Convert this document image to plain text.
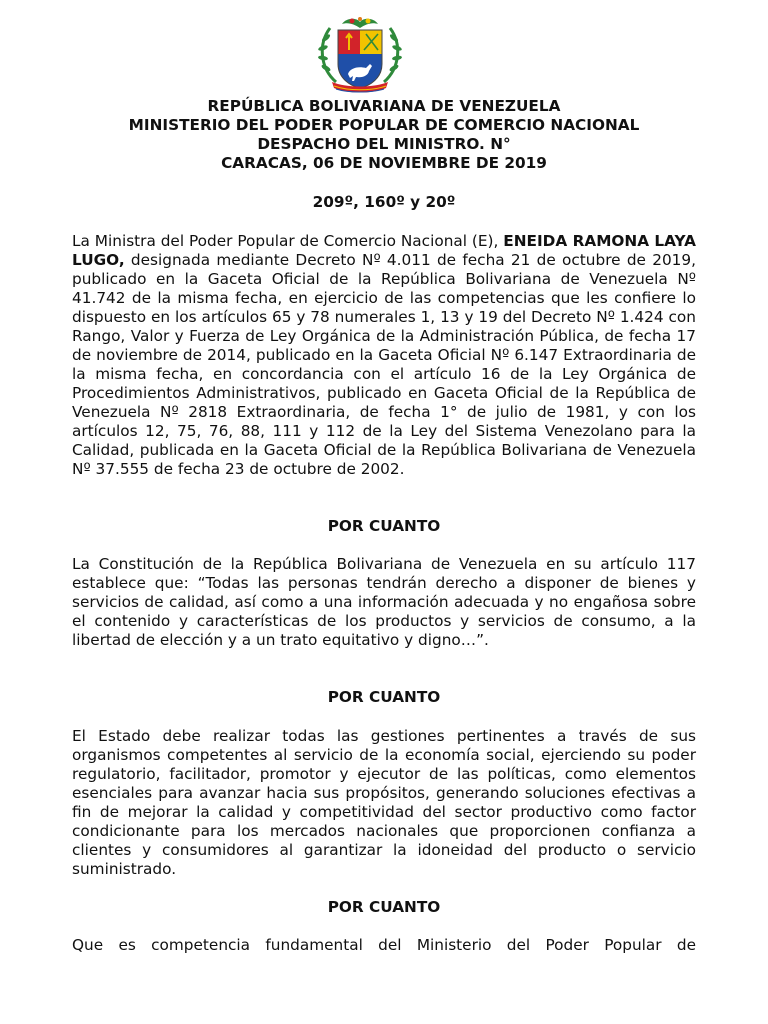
REPÚBLICA BOLIVARIANA DE VENEZUELA
MINISTERIO DEL PODER POPULAR DE COMERCIO NACIONAL
DESPACHO DEL MINISTRO. N°
CARACAS, 06 DE NOVIEMBRE DE 2019
209º, 160º y 20º

La Ministra del Poder Popular de Comercio Nacional (E), ENEIDA RAMONA LAYA LUGO, designada mediante Decreto Nº 4.011 de fecha 21 de octubre de 2019, publicado en la Gaceta Oficial de la República Bolivariana de Venezuela Nº 41.742 de la misma fecha, en ejercicio de las competencias que les confiere lo dispuesto en los artículos 65 y 78 numerales 1, 13 y 19 del Decreto Nº 1.424 con Rango, Valor y Fuerza de Ley Orgánica de la Administración Pública, de fecha 17 de noviembre de 2014, publicado en la Gaceta Oficial Nº 6.147 Extraordinaria de la misma fecha, en concordancia con el artículo 16 de la Ley Orgánica de Procedimientos Administrativos, publicado en Gaceta Oficial de la República de Venezuela Nº 2818 Extraordinaria, de fecha 1° de julio de 1981, y con los artículos 12, 75, 76, 88, 111 y 112 de la Ley del Sistema Venezolano para la Calidad, publicada en la Gaceta Oficial de la República Bolivariana de Venezuela Nº 37.555 de fecha 23 de octubre de 2002.

POR CUANTO

La Constitución de la República Bolivariana de Venezuela en su artículo 117 establece que: “Todas las personas tendrán derecho a disponer de bienes y servicios de calidad, así como a una información adecuada y no engañosa sobre el contenido y características de los productos y servicios de consumo, a la libertad de elección y a un trato equitativo y digno…”.

POR CUANTO

El Estado debe realizar todas las gestiones pertinentes a través de sus organismos competentes al servicio de la economía social, ejerciendo su poder regulatorio, facilitador, promotor y ejecutor de las políticas, como elementos esenciales para avanzar hacia sus propósitos, generando soluciones efectivas a fin de mejorar la calidad y competitividad del sector productivo como factor condicionante para los mercados nacionales que proporcionen confianza a clientes y consumidores al garantizar la idoneidad del producto o servicio suministrado.

POR CUANTO

Que es competencia fundamental del Ministerio del Poder Popular de
